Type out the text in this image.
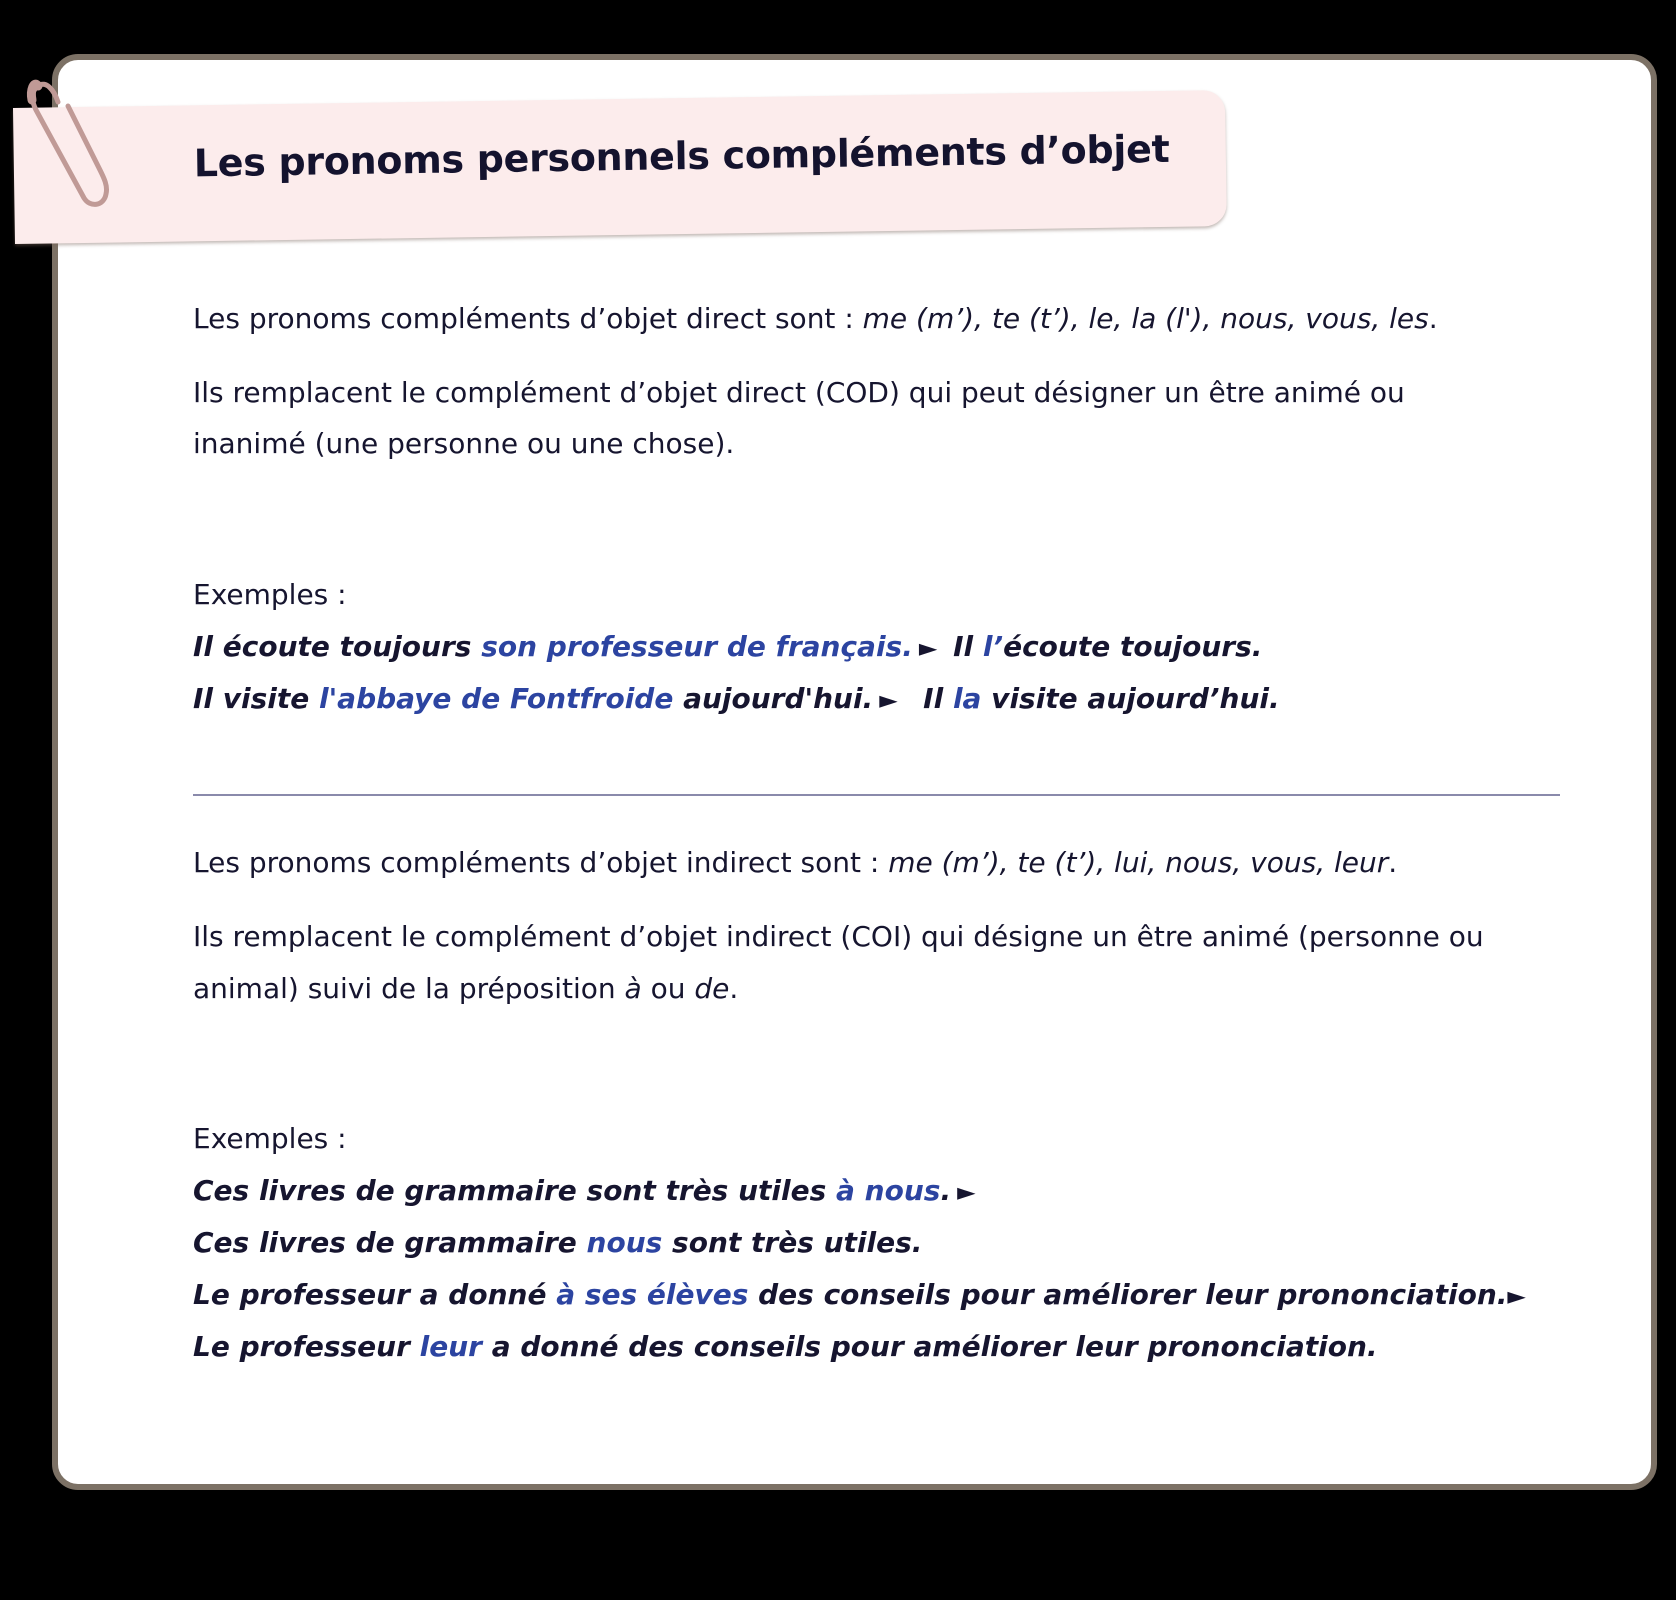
Les pronoms personnels compléments d’objet
Les pronoms compléments d’objet direct sont : me (m’), te (t’), le, la (l'), nous, vous, les.
Ils remplacent le complément d’objet direct (COD) qui peut désigner un être animé ou
inanimé (une personne ou une chose).
Exemples :
Il écoute toujours son professeur de français. ► Il l’écoute toujours.
Il visite l'abbaye de Fontfroide aujourd'hui. ►  Il la visite aujourd’hui.
Les pronoms compléments d’objet indirect sont : me (m’), te (t’), lui, nous, vous, leur.
Ils remplacent le complément d’objet indirect (COI) qui désigne un être animé (personne ou
animal) suivi de la préposition à ou de.
Exemples :
Ces livres de grammaire sont très utiles à nous. ►
Ces livres de grammaire nous sont très utiles.
Le professeur a donné à ses élèves des conseils pour améliorer leur prononciation.►
Le professeur leur a donné des conseils pour améliorer leur prononciation.
